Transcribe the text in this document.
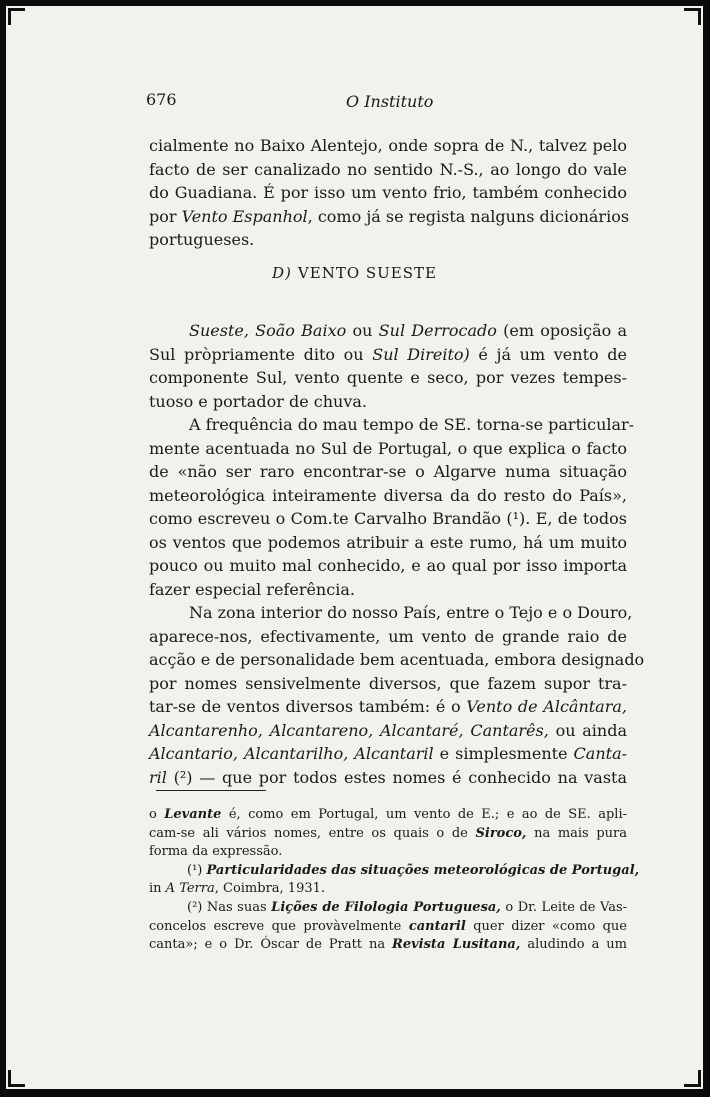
676	O Instituto
cialmente no Baixo Alentejo, onde sopra de N., talvez pelo
facto de ser canalizado no sentido N.-S., ao longo do vale
do Guadiana. É por isso um vento frio, também conhecido
por Vento Espanhol, como já se regista nalguns dicionários
portugueses.
D) VENTO SUESTE
Sueste, Soão Baixo ou Sul Derrocado (em oposição a
Sul pròpriamente dito ou Sul Direito) é já um vento de
componente Sul, vento quente e seco, por vezes tempes-
tuoso e portador de chuva.
A frequência do mau tempo de SE. torna-se particular-
mente acentuada no Sul de Portugal, o que explica o facto
de «não ser raro encontrar-se o Algarve numa situação
meteorológica inteiramente diversa da do resto do País»,
como escreveu o Com.te Carvalho Brandão (¹). E, de todos
os ventos que podemos atribuir a este rumo, há um muito
pouco ou muito mal conhecido, e ao qual por isso importa
fazer especial referência.
Na zona interior do nosso País, entre o Tejo e o Douro,
aparece-nos, efectivamente, um vento de grande raio de
acção e de personalidade bem acentuada, embora designado
por nomes sensivelmente diversos, que fazem supor tra-
tar-se de ventos diversos também: é o Vento de Alcântara,
Alcantarenho, Alcantareno, Alcantaré, Cantarês, ou ainda
Alcantario, Alcantarilho, Alcantaril e simplesmente Canta-
ril (²) — que por todos estes nomes é conhecido na vasta
o Levante é, como em Portugal, um vento de E.; e ao de SE. apli-
cam-se ali vários nomes, entre os quais o de Siroco, na mais pura
forma da expressão.
(¹) Particularidades das situações meteorológicas de Portugal,
in A Terra, Coimbra, 1931.
(²) Nas suas Lições de Filologia Portuguesa, o Dr. Leite de Vas-
concelos escreve que provàvelmente cantaril quer dizer «como que
canta»; e o Dr. Óscar de Pratt na Revista Lusitana, aludindo a um
